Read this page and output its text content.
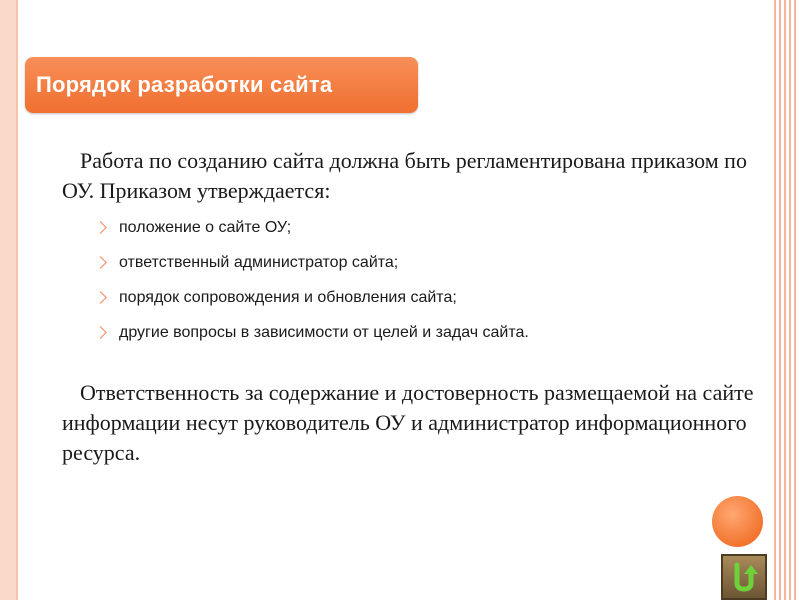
Порядок разработки сайта
Работа по созданию сайта должна быть регламентирована приказом по ОУ. Приказом утверждается:
положение о сайте ОУ;
ответственный администратор сайта;
порядок сопровождения и обновления сайта;
другие вопросы в зависимости от целей и задач сайта.
Ответственность за содержание и достоверность размещаемой на сайте информации несут руководитель ОУ и администратор информационного ресурса.
